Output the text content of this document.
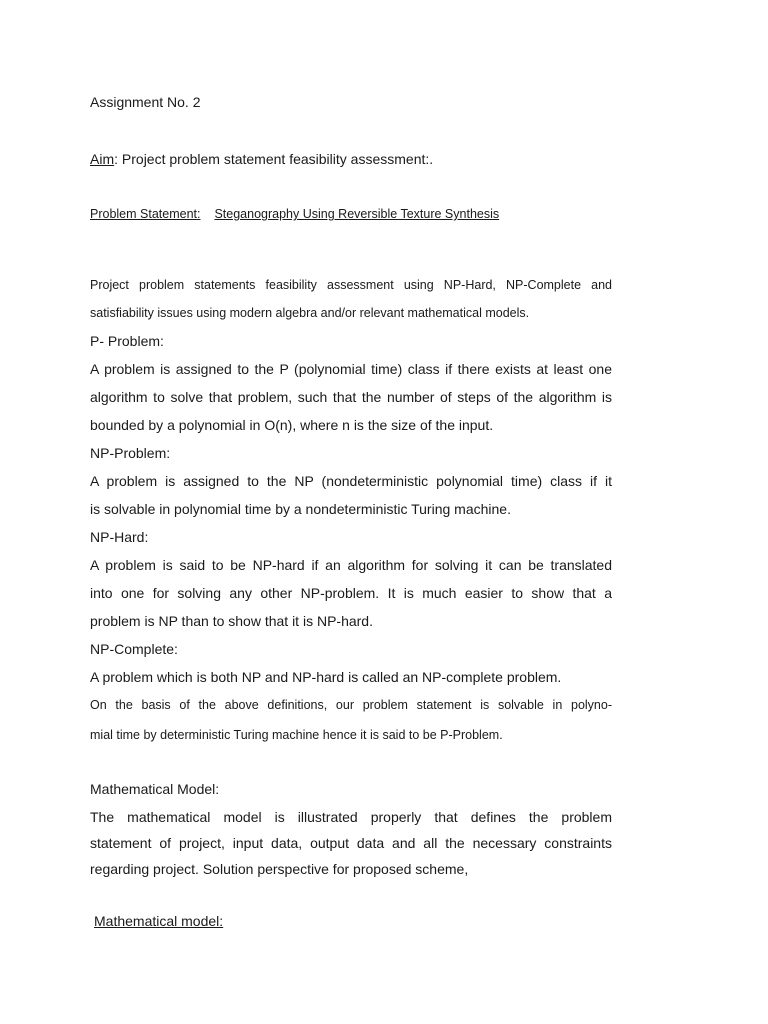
Assignment No. 2
Aim: Project problem statement feasibility assessment:.
Problem Statement: Steganography Using Reversible Texture Synthesis
Project problem statements feasibility assessment using NP-Hard, NP-Complete and
satisfiability issues using modern algebra and/or relevant mathematical models.
P- Problem:
A problem is assigned to the P (polynomial time) class if there exists at least one
algorithm to solve that problem, such that the number of steps of the algorithm is
bounded by a polynomial in O(n), where n is the size of the input.
NP-Problem:
A problem is assigned to the NP (nondeterministic polynomial time) class if it
is solvable in polynomial time by a nondeterministic Turing machine.
NP-Hard:
A problem is said to be NP-hard if an algorithm for solving it can be translated
into one for solving any other NP-problem. It is much easier to show that a
problem is NP than to show that it is NP-hard.
NP-Complete:
A problem which is both NP and NP-hard is called an NP-complete problem.
On the basis of the above definitions, our problem statement is solvable in polyno-
mial time by deterministic Turing machine hence it is said to be P-Problem.
Mathematical Model:
The mathematical model is illustrated properly that defines the problem
statement of project, input data, output data and all the necessary constraints
regarding project. Solution perspective for proposed scheme,
Mathematical model:
